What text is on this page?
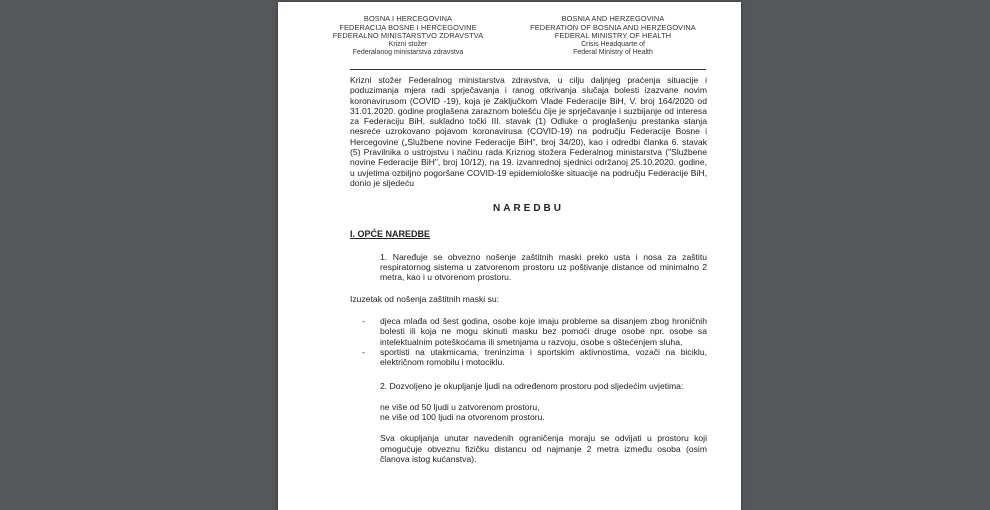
BOSNA I HERCEGOVINA
FEDERACIJA BOSNE I HERCEGOVINE
FEDERALNO MINISTARSTVO ZDRAVSTVA
Krizni stožer
Federalanog ministarstva zdravstva
BOSNIA AND HERZEGOVINA
FEDERATION OF BOSNIA AND HERZEGOVINA
FEDERAL MINISTRY OF HEALTH
Crisis Headquarte of
Federal Ministry of Health

Krizni stožer Federalnog ministarstva zdravstva, u cilju daljnjeg praćenja situacije i poduzimanja mjera radi sprječavanja i ranog otkrivanja slučaja bolesti izazvane novim koronavirusom (COVID -19), koja je Zaključkom Vlade Federacije BiH, V. broj 164/2020 od 31.01.2020. godine proglašena zaraznom bolešću čije je sprječavanje i suzbijanje od interesa za Federaciju BiH, sukladno točki III. stavak (1) Odluke o proglašenju prestanka stanja nesreće uzrokovano pojavom koronavirusa (COVID-19) na području Federacije Bosne i Hercegovine („Službene novine Federacije BiH", broj 34/20), kao i odredbi članka 6. stavak (5) Pravilnika o ustrojstvu i načinu rada Kriznog stožera Federalnog ministarstva ("Službene novine Federacije BiH", broj 10/12), na 19. izvanrednoj sjednici održanoj 25.10.2020. godine, u uvjetima ozbiljno pogoršane COVID-19 epidemiološke situacije na području Federacije BiH, donio je sljedeću

NAREDBU
I. OPĆE NAREDBE

1. Naređuje se obvezno nošenje zaštitnih maski preko usta i nosa za zaštitu respiratornog sistema u zatvorenom prostoru uz poštivanje distance od minimalno 2 metra, kao i u otvorenom prostoru.

Izuzetak od nošenja zaštitnih maski su:

- djeca mlađa od šest godina, osobe koje imaju probleme sa disanjem zbog hroničnih bolesti ili koja ne mogu skinuti masku bez pomoći druge osobe npr. osobe sa intelektualnim poteškoćama ili smetnjama u razvoju, osobe s oštećenjem sluha,
- sportisti na utakmicama, treninzima i sportskim aktivnostima, vozači na biciklu, električnom romobilu i motociklu.

2. Dozvoljeno je okupljanje ljudi na određenom prostoru pod sljedećim uvjetima:

ne više od 50 ljudi u zatvorenom prostoru,
ne više od 100 ljudi na otvorenom prostoru.

Sva okupljanja unutar navedenih ograničenja moraju se odvijati u prostoru koji omogućuje obveznu fizičku distancu od najmanje 2 metra između osoba (osim članova istog kućanstva).
